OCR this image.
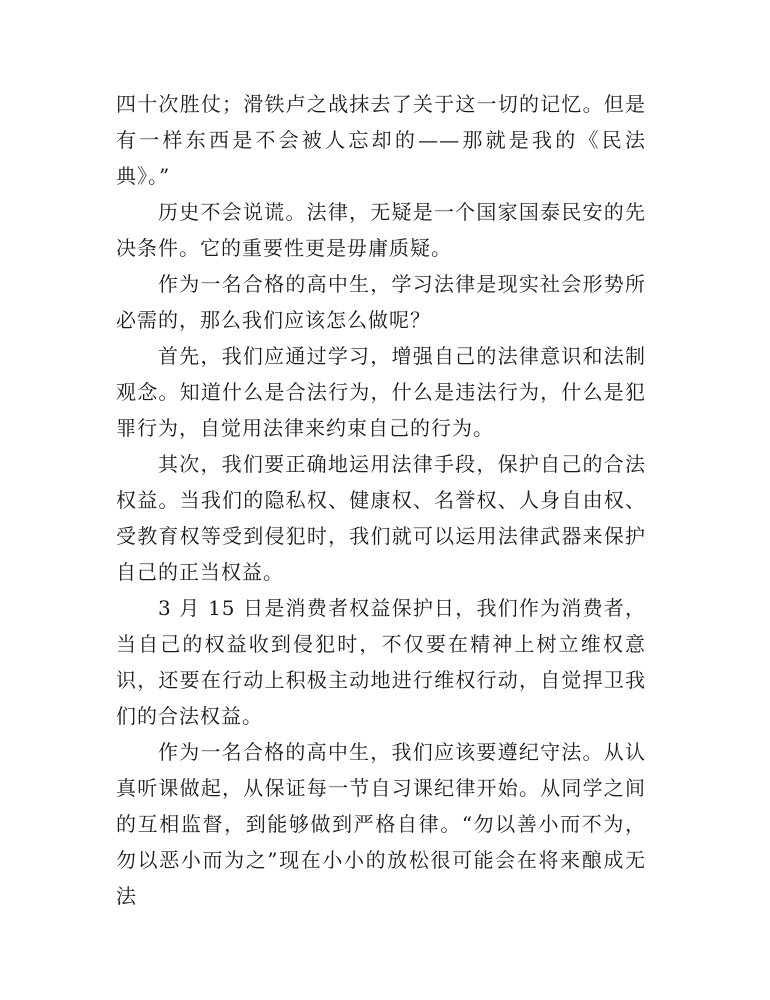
四十次胜仗；滑铁卢之战抹去了关于这一切的记忆。但是有一样东西是不会被人忘却的——那就是我的《民法典》。”

历史不会说谎。法律，无疑是一个国家国泰民安的先决条件。它的重要性更是毋庸质疑。

作为一名合格的高中生，学习法律是现实社会形势所必需的，那么我们应该怎么做呢？

首先，我们应通过学习，增强自己的法律意识和法制观念。知道什么是合法行为，什么是违法行为，什么是犯罪行为，自觉用法律来约束自己的行为。

其次，我们要正确地运用法律手段，保护自己的合法权益。当我们的隐私权、健康权、名誉权、人身自由权、受教育权等受到侵犯时，我们就可以运用法律武器来保护自己的正当权益。

3 月 15 日是消费者权益保护日，我们作为消费者，当自己的权益收到侵犯时，不仅要在精神上树立维权意识，还要在行动上积极主动地进行维权行动，自觉捍卫我们的合法权益。

作为一名合格的高中生，我们应该要遵纪守法。从认真听课做起，从保证每一节自习课纪律开始。从同学之间的互相监督，到能够做到严格自律。“勿以善小而不为，勿以恶小而为之”现在小小的放松很可能会在将来酿成无法
